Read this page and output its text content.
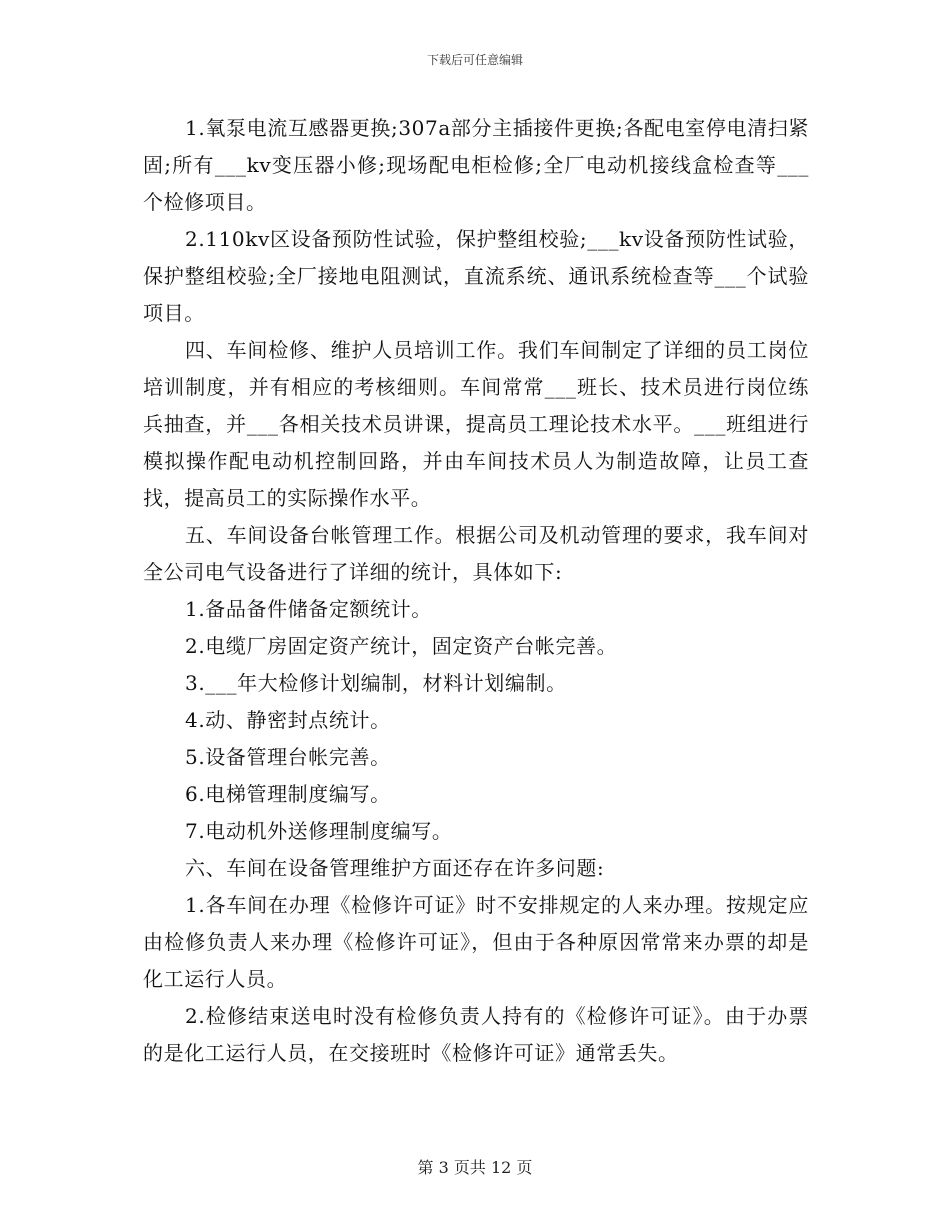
下载后可任意编辑

1.氧泵电流互感器更换;307a部分主插接件更换;各配电室停电清扫紧固;所有___kv变压器小修;现场配电柜检修;全厂电动机接线盒检查等___个检修项目。

2.110kv区设备预防性试验，保护整组校验;___kv设备预防性试验，保护整组校验;全厂接地电阻测试，直流系统、通讯系统检查等___个试验项目。

四、车间检修、维护人员培训工作。我们车间制定了详细的员工岗位培训制度，并有相应的考核细则。车间常常___班长、技术员进行岗位练兵抽查，并___各相关技术员讲课，提高员工理论技术水平。___班组进行模拟操作配电动机控制回路，并由车间技术员人为制造故障，让员工查找，提高员工的实际操作水平。

五、车间设备台帐管理工作。根据公司及机动管理的要求，我车间对全公司电气设备进行了详细的统计，具体如下:

1.备品备件储备定额统计。

2.电缆厂房固定资产统计，固定资产台帐完善。

3.___年大检修计划编制，材料计划编制。

4.动、静密封点统计。

5.设备管理台帐完善。

6.电梯管理制度编写。

7.电动机外送修理制度编写。

六、车间在设备管理维护方面还存在许多问题:

1.各车间在办理《检修许可证》时不安排规定的人来办理。按规定应由检修负责人来办理《检修许可证》，但由于各种原因常常来办票的却是化工运行人员。

2.检修结束送电时没有检修负责人持有的《检修许可证》。由于办票的是化工运行人员，在交接班时《检修许可证》通常丢失。

第 3 页共 12 页
